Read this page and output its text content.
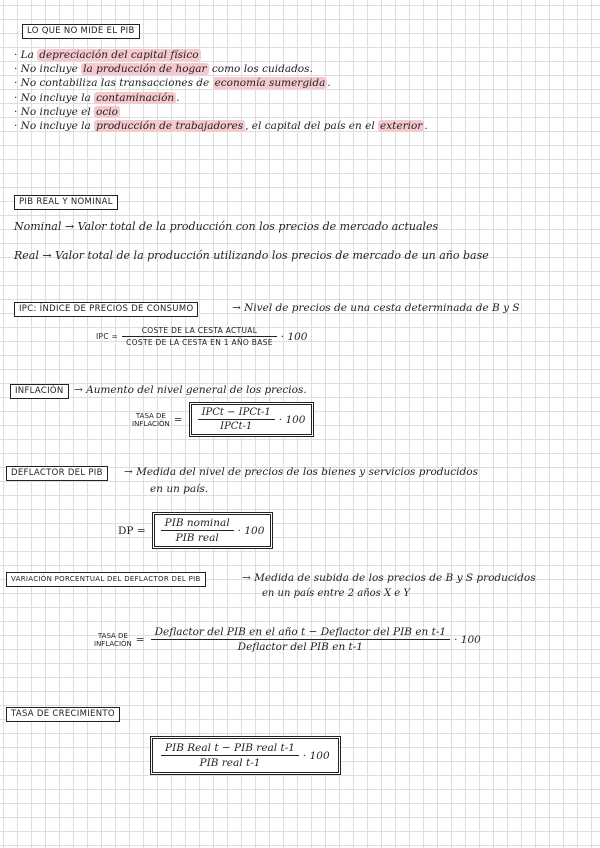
LO QUE NO MIDE EL PIB
· La depreciación del capital físico
· No incluye la producción de hogar como los cuidados.
· No contabiliza las transacciones de economía sumergida .
· No incluye la contaminación .
· No incluye el ocio
· No incluye la producción de trabajadores , el capital del país en el exterior .
PIB REAL Y NOMINAL
Nominal → Valor total de la producción con los precios de mercado actuales
Real → Valor total de la producción utilizando los precios de mercado de un año base
IPC: ÍNDICE DE PRECIOS DE CONSUMO	→ Nivel de precios de una cesta determinada de B y S
IPC = $\frac{\text{COSTE DE LA CESTA ACTUAL}}{\text{COSTE DE LA CESTA EN 1 AÑO BASE}} \cdot 100$
INFLACIÓN → Aumento del nivel general de los precios.
TASA DE
INFLACIÓN = $\frac{\text{IPCt − IPCt-1}}{\text{IPCt-1}} \cdot 100$
DEFLACTOR DEL PIB	→ Medida del nivel de precios de los bienes y servicios producidos
en un país.
DP = $\frac{\text{PIB nominal}}{\text{PIB real}} \cdot 100$
VARIACIÓN PORCENTUAL DEL DEFLACTOR DEL PIB	→ Medida de subida de los precios de B y S producidos
en un país entre 2 años X e Y
TASA DE
INFLACIÓN = $\frac{\text{Deflactor del PIB en el año t − Deflactor del PIB en t-1}}{\text{Deflactor del PIB en t-1}} \cdot 100$
TASA DE CRECIMIENTO
$\frac{\text{PIB Real t − PIB real t-1}}{\text{PIB real t-1}} \cdot 100$
